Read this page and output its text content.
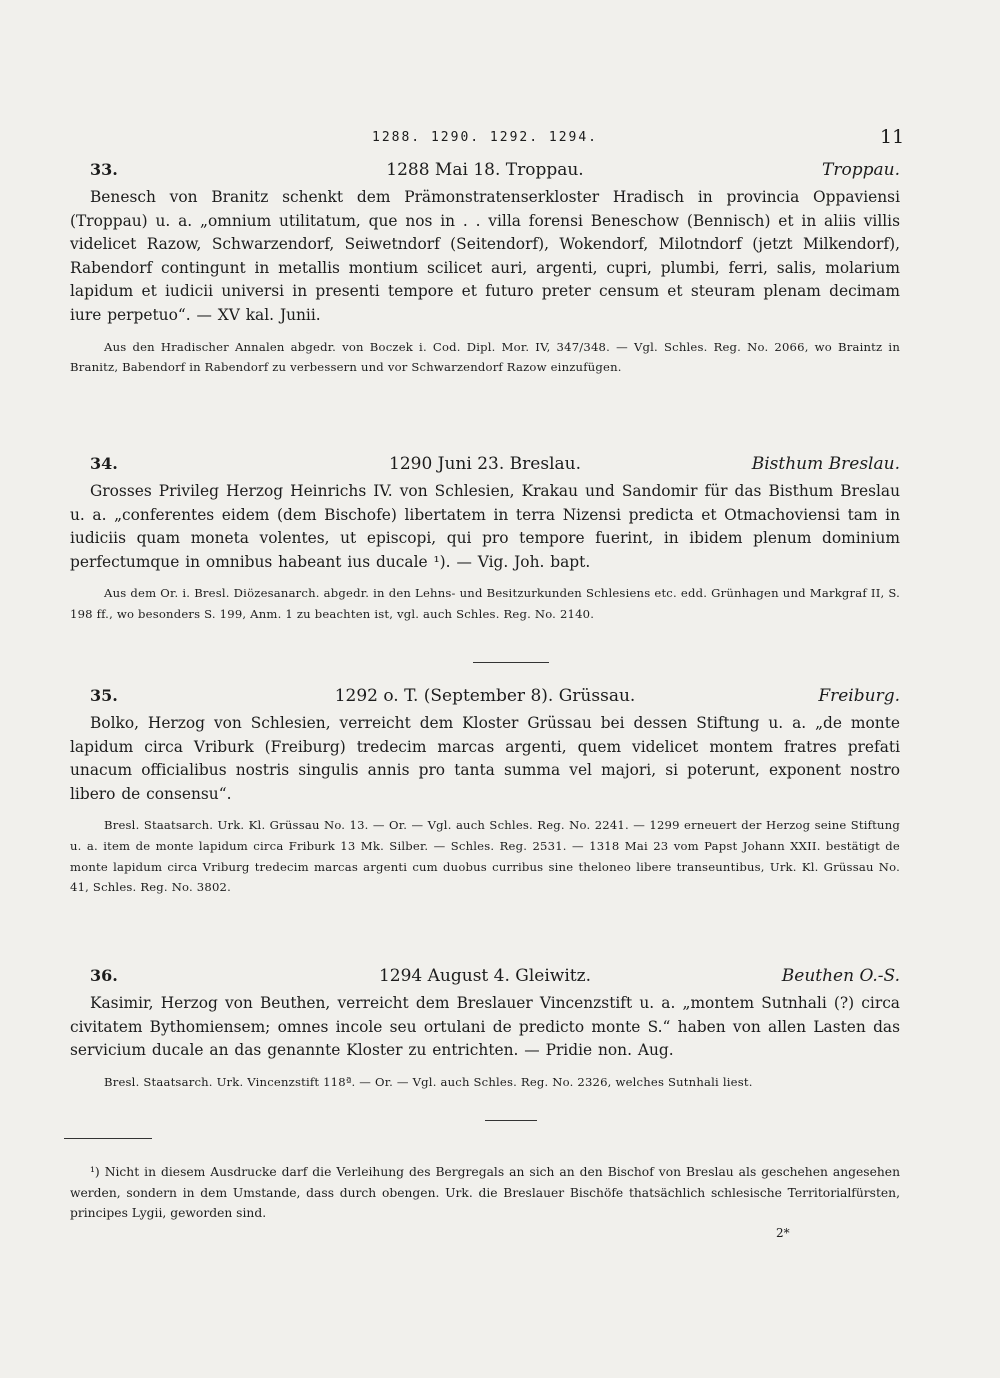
1288. 1290. 1292. 1294.	11
33.	1288 Mai 18. Troppau.	Troppau.

Benesch von Branitz schenkt dem Prämonstratenserkloster Hradisch in provincia Oppaviensi (Troppau) u. a. „omnium utilitatum, que nos in . . villa forensi Beneschow (Bennisch) et in aliis villis videlicet Razow, Schwarzendorf, Seiwetndorf (Seitendorf), Wokendorf, Milotndorf (jetzt Milkendorf), Rabendorf contingunt in metallis montium scilicet auri, argenti, cupri, plumbi, ferri, salis, molarium lapidum et iudicii universi in presenti tempore et futuro preter censum et steuram plenam decimam iure perpetuo“. — XV kal. Junii.

Aus den Hradischer Annalen abgedr. von Boczek i. Cod. Dipl. Mor. IV, 347/348. — Vgl. Schles. Reg. No. 2066, wo Braintz in Branitz, Babendorf in Rabendorf zu verbessern und vor Schwarzendorf Razow einzufügen.

34.	1290 Juni 23. Breslau.	Bisthum Breslau.

Grosses Privileg Herzog Heinrichs IV. von Schlesien, Krakau und Sandomir für das Bisthum Breslau u. a. „conferentes eidem (dem Bischofe) libertatem in terra Nizensi predicta et Otmachoviensi tam in iudiciis quam moneta volentes, ut episcopi, qui pro tempore fuerint, in ibidem plenum dominium perfectumque in omnibus habeant ius ducale ¹). — Vig. Joh. bapt.

Aus dem Or. i. Bresl. Diözesanarch. abgedr. in den Lehns- und Besitzurkunden Schlesiens etc. edd. Grünhagen und Markgraf II, S. 198 ff., wo besonders S. 199, Anm. 1 zu beachten ist, vgl. auch Schles. Reg. No. 2140.

35.	1292 o. T. (September 8). Grüssau.	Freiburg.

Bolko, Herzog von Schlesien, verreicht dem Kloster Grüssau bei dessen Stiftung u. a. „de monte lapidum circa Vriburk (Freiburg) tredecim marcas argenti, quem videlicet montem fratres prefati unacum officialibus nostris singulis annis pro tanta summa vel majori, si poterunt, exponent nostro libero de consensu“.

Bresl. Staatsarch. Urk. Kl. Grüssau No. 13. — Or. — Vgl. auch Schles. Reg. No. 2241. — 1299 erneuert der Herzog seine Stiftung u. a. item de monte lapidum circa Friburk 13 Mk. Silber. — Schles. Reg. 2531. — 1318 Mai 23 vom Papst Johann XXII. bestätigt de monte lapidum circa Vriburg tredecim marcas argenti cum duobus curribus sine theloneo libere transeuntibus, Urk. Kl. Grüssau No. 41, Schles. Reg. No. 3802.

36.	1294 August 4. Gleiwitz.	Beuthen O.-S.

Kasimir, Herzog von Beuthen, verreicht dem Breslauer Vincenzstift u. a. „montem Sutnhali (?) circa civitatem Bythomiensem; omnes incole seu ortulani de predicto monte S.“ haben von allen Lasten das servicium ducale an das genannte Kloster zu entrichten. — Pridie non. Aug.

Bresl. Staatsarch. Urk. Vincenzstift 118ª. — Or. — Vgl. auch Schles. Reg. No. 2326, welches Sutnhali liest.

¹) Nicht in diesem Ausdrucke darf die Verleihung des Bergregals an sich an den Bischof von Breslau als geschehen angesehen werden, sondern in dem Umstande, dass durch obengen. Urk. die Breslauer Bischöfe thatsächlich schlesische Territorialfürsten, principes Lygii, geworden sind.

2*
